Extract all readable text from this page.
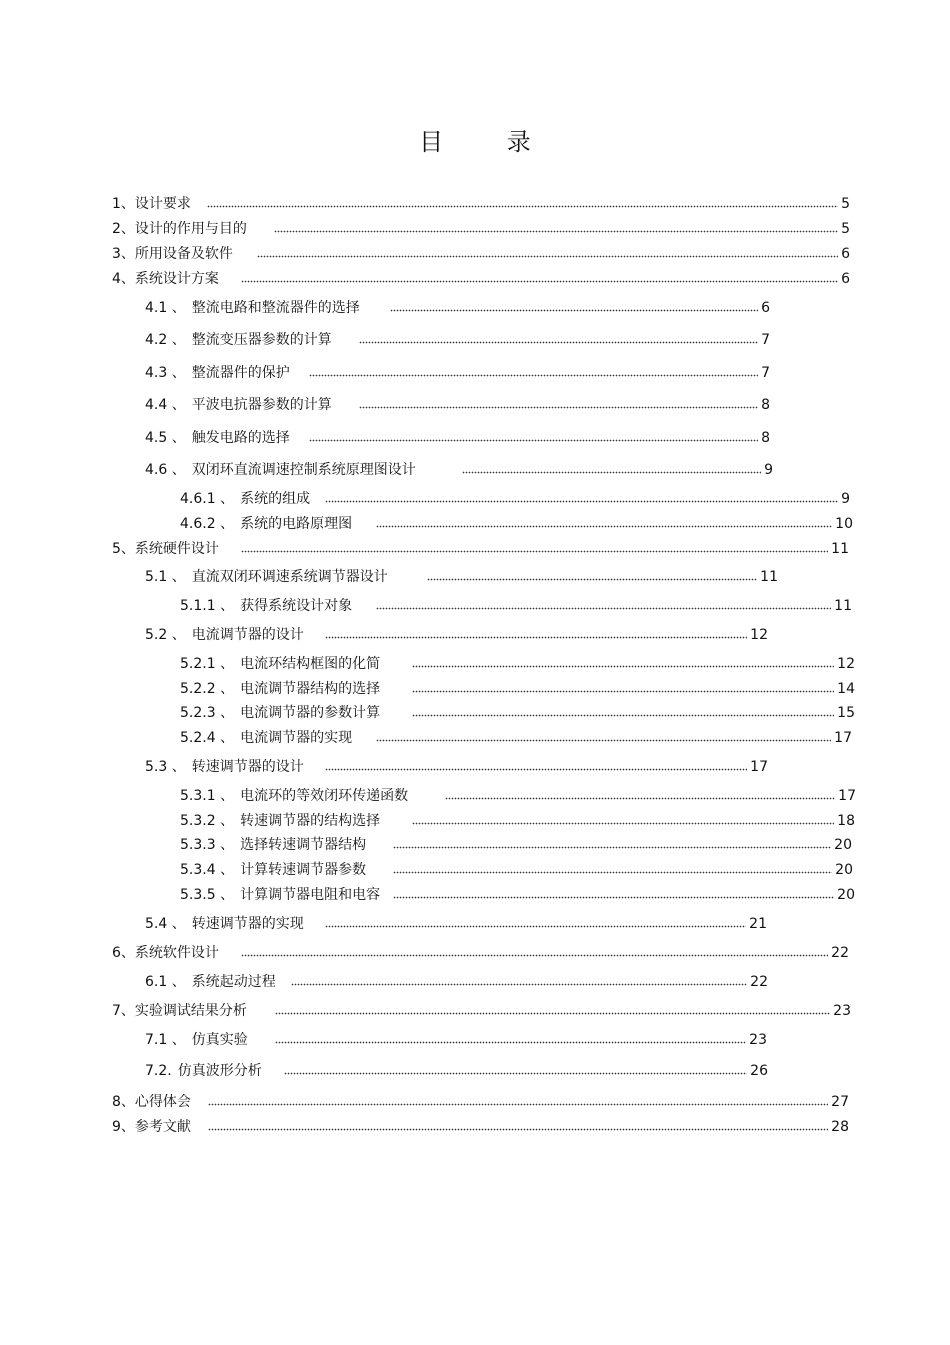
目 录
1、设计要求	5
2、设计的作用与目的	5
3、所用设备及软件	6
4、系统设计方案	6
4.1 、 整流电路和整流器件的选择	6
4.2 、 整流变压器参数的计算	7
4.3 、 整流器件的保护	7
4.4 、 平波电抗器参数的计算	8
4.5 、 触发电路的选择	8
4.6 、 双闭环直流调速控制系统原理图设计	9
4.6.1 、 系统的组成	9
4.6.2 、 系统的电路原理图	10
5、系统硬件设计	11
5.1 、 直流双闭环调速系统调节器设计	11
5.1.1 、 获得系统设计对象	11
5.2 、 电流调节器的设计	12
5.2.1 、 电流环结构框图的化简	12
5.2.2 、 电流调节器结构的选择	14
5.2.3 、 电流调节器的参数计算	15
5.2.4 、 电流调节器的实现	17
5.3 、 转速调节器的设计	17
5.3.1 、 电流环的等效闭环传递函数	17
5.3.2 、 转速调节器的结构选择	18
5.3.3 、 选择转速调节器结构	20
5.3.4 、 计算转速调节器参数	20
5.3.5 、 计算调节器电阻和电容	20
5.4 、 转速调节器的实现	21
6、系统软件设计	22
6.1 、 系统起动过程	22
7、实验调试结果分析	23
7.1 、 仿真实验	23
7.2. 仿真波形分析	26
8、心得体会	27
9、参考文献	28
